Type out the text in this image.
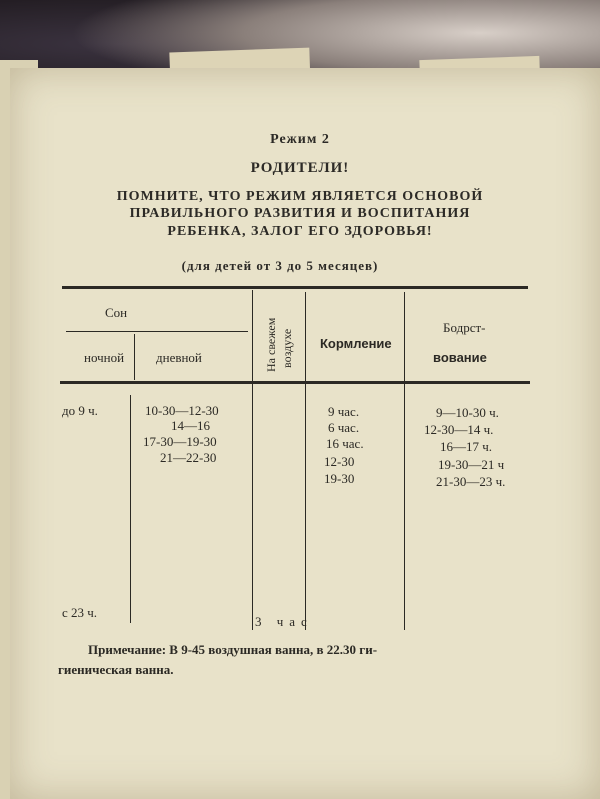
Режим 2
РОДИТЕЛИ!
ПОМНИТЕ, ЧТО РЕЖИМ ЯВЛЯЕТСЯ ОСНОВОЙ
ПРАВИЛЬНОГО РАЗВИТИЯ И ВОСПИТАНИЯ
РЕБЕНКА, ЗАЛОГ ЕГО ЗДОРОВЬЯ!
(для детей от 3 до 5 месяцев)
Сон
ночной дневной	На свежем воздухе Кормление
Бодрст-
вование
до 9 ч.
с 23 ч.
10-30—12-30
14—16
17-30—19-30
21—22-30
3 час
9 час.
6 час.
16 час.
12-30
19-30
9—10-30 ч.
12-30—14 ч.
16—17 ч.
19-30—21 ч
21-30—23 ч.
Примечание: В 9-45 воздушная ванна, в 22.30 ги-
гиеническая ванна.
